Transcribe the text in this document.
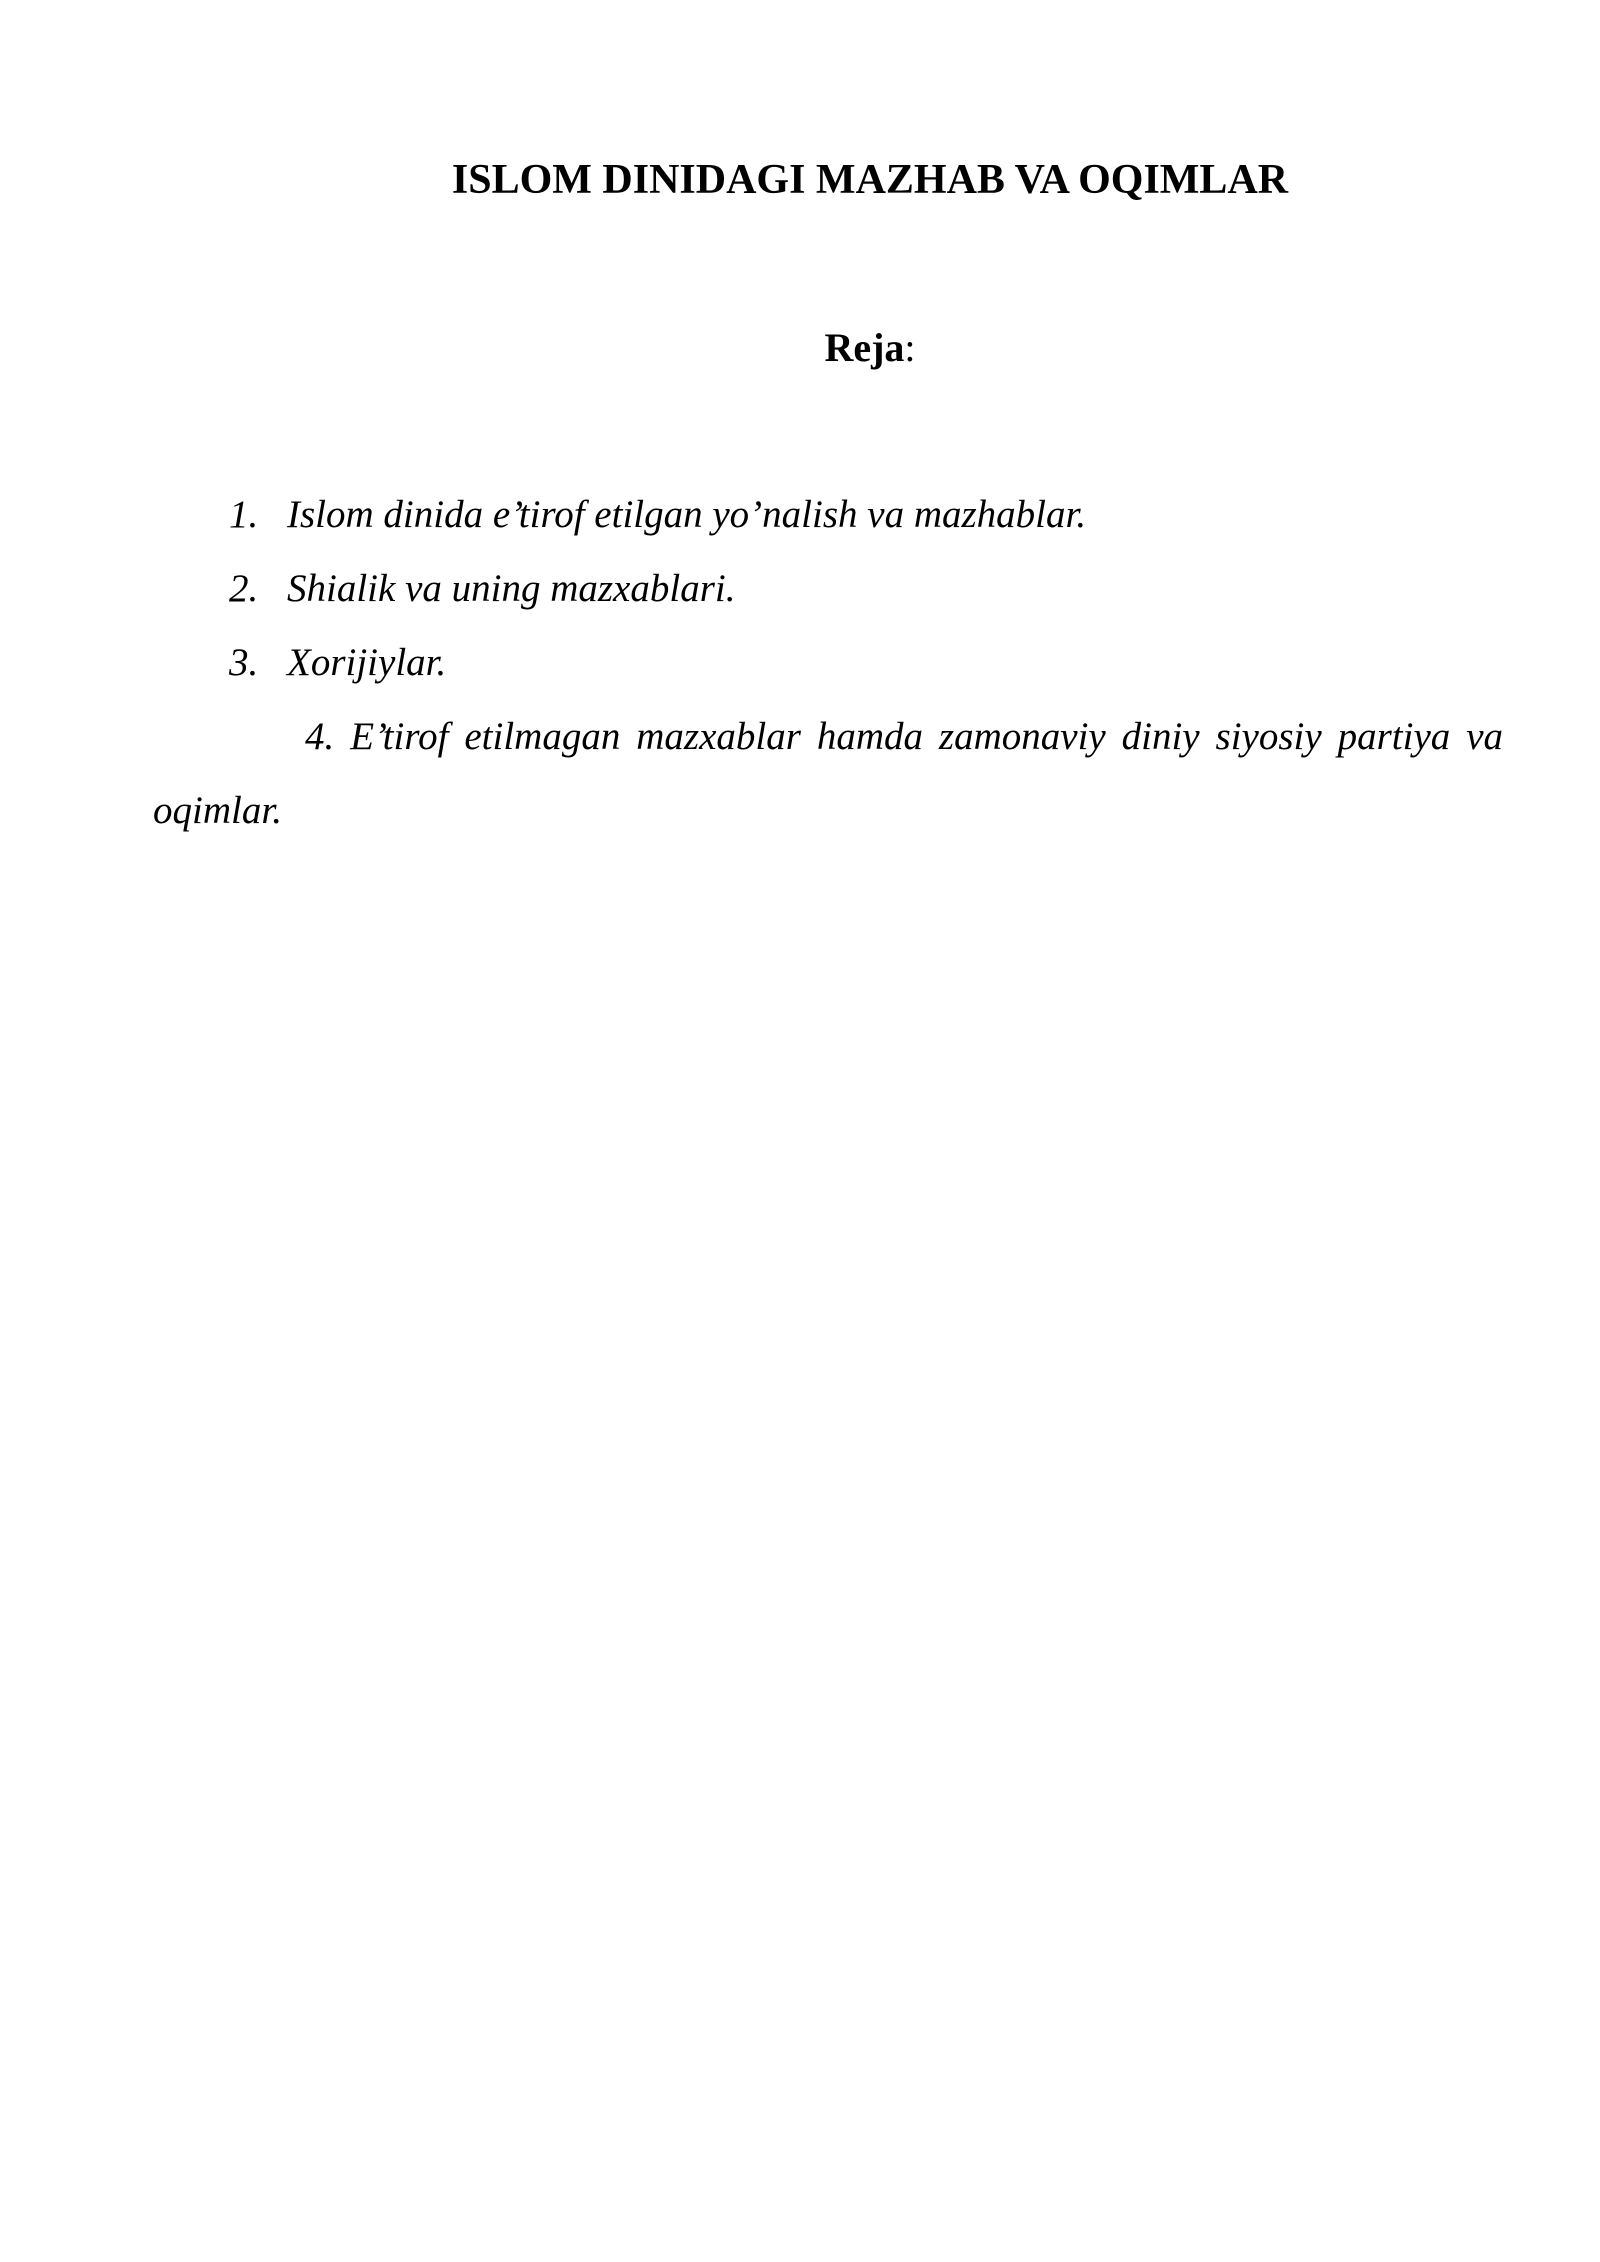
ISLOM DINIDAGI MAZHAB VA OQIMLAR

Reja:

1. Islom dinida e’tirof etilgan yo’nalish va mazhablar.
2. Shialik va uning mazxablari.
3. Xorijiylar.
4. E’tirof etilmagan mazxablar hamda zamonaviy diniy siyosiy partiya va oqimlar.
